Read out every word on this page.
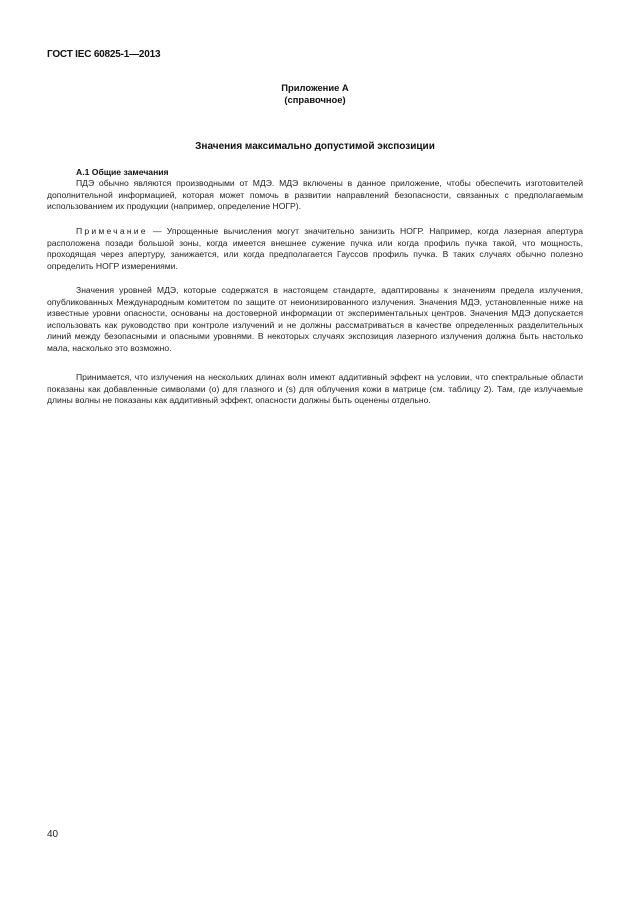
ГОСТ IEC 60825-1—2013
Приложение А
(справочное)
Значения максимально допустимой экспозиции
А.1 Общие замечания

ПДЭ обычно являются производными от МДЭ. МДЭ включены в данное приложение, чтобы обеспечить изготовителей дополнительной информацией, которая может помочь в развитии направлений безопасности, связанных с предполагаемым использованием их продукции (например, определение НОГР).

Примечание — Упрощенные вычисления могут значительно занизить НОГР. Например, когда лазерная апертура расположена позади большой зоны, когда имеется внешнее сужение пучка или когда профиль пучка такой, что мощность, проходящая через апертуру, занижается, или когда предполагается Гауссов профиль пучка. В таких случаях обычно полезно определить НОГР измерениями.

Значения уровней МДЭ, которые содержатся в настоящем стандарте, адаптированы к значениям предела излучения, опубликованных Международным комитетом по защите от неионизированного излучения. Значения МДЭ, установленные ниже на известные уровни опасности, основаны на достоверной информации от экспериментальных центров. Значения МДЭ допускается использовать как руководство при контроле излучений и не должны рассматриваться в качестве определенных разделительных линий между безопасными и опасными уровнями. В некоторых случаях экспозиция лазерного излучения должна быть настолько мала, насколько это возможно.

Принимается, что излучения на нескольких длинах волн имеют аддитивный эффект на условии, что спектральные области показаны как добавленные символами (о) для глазного и (s) для облучения кожи в матрице (см. таблицу 2). Там, где излучаемые длины волны не показаны как аддитивный эффект, опасности должны быть оценены отдельно.

40
